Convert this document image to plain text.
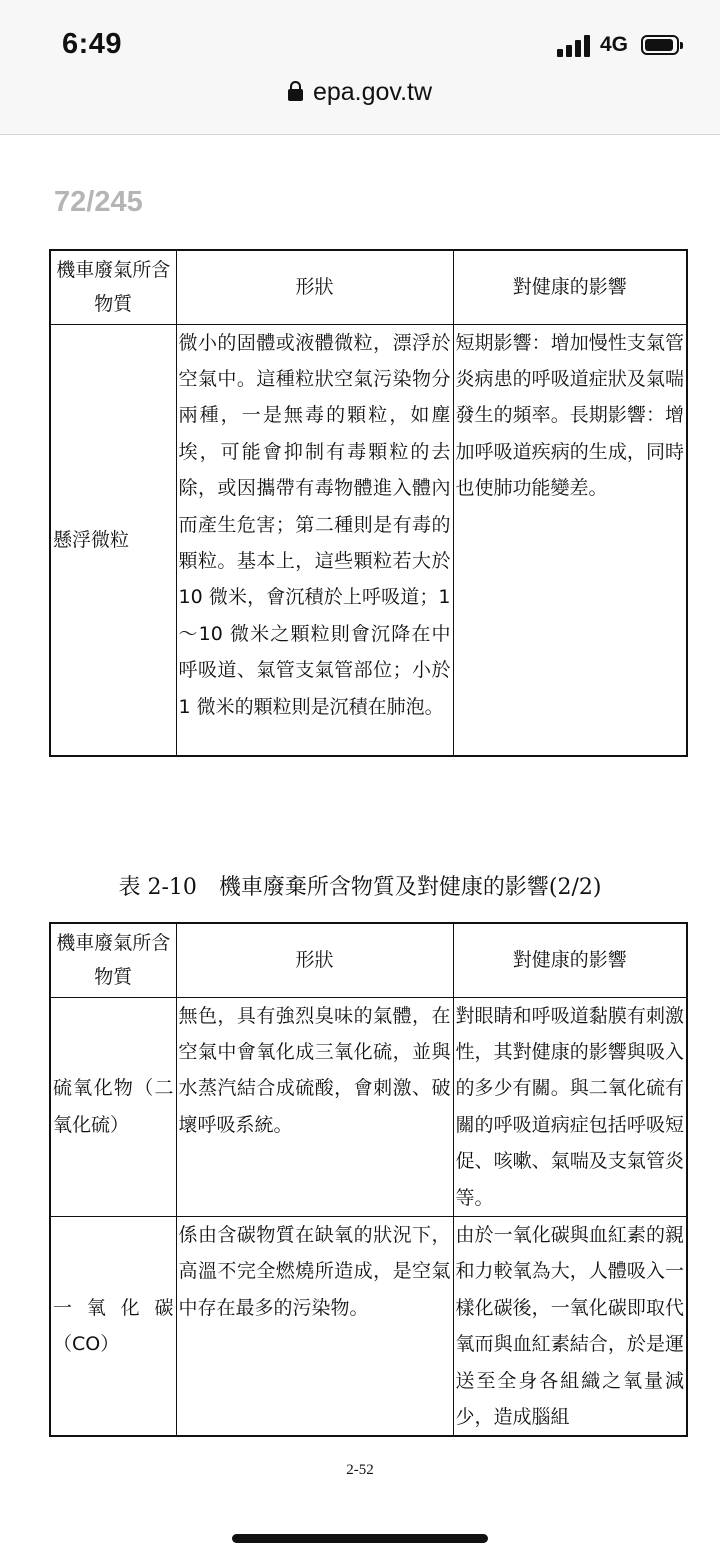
6:49	4G
epa.gov.tw
72/245
機車廢氣所含物質	形狀	對健康的影響
懸浮微粒	微小的固體或液體微粒，漂浮於空氣中。這種粒狀空氣污染物分兩種，一是無毒的顆粒，如塵埃，可能會抑制有毒顆粒的去除，或因攜帶有毒物體進入體內而產生危害；第二種則是有毒的顆粒。基本上，這些顆粒若大於 10 微米，會沉積於上呼吸道；1～10 微米之顆粒則會沉降在中呼吸道、氣管支氣管部位；小於 1 微米的顆粒則是沉積在肺泡。	短期影響：增加慢性支氣管炎病患的呼吸道症狀及氣喘發生的頻率。長期影響：增加呼吸道疾病的生成，同時也使肺功能變差。
表 2-10　機車廢棄所含物質及對健康的影響(2/2)
機車廢氣所含物質	形狀	對健康的影響
硫氧化物（二氧化硫）	無色，具有強烈臭味的氣體，在空氣中會氧化成三氧化硫，並與水蒸汽結合成硫酸，會刺激、破壞呼吸系統。	對眼睛和呼吸道黏膜有刺激性，其對健康的影響與吸入的多少有關。與二氧化硫有關的呼吸道病症包括呼吸短促、咳嗽、氣喘及支氣管炎等。
一氧化碳（CO）	係由含碳物質在缺氧的狀況下，高溫不完全燃燒所造成，是空氣中存在最多的污染物。	由於一氧化碳與血紅素的親和力較氧為大，人體吸入一樣化碳後，一氧化碳即取代氧而與血紅素結合，於是運送至全身各組織之氧量減少，造成腦組
2-52
